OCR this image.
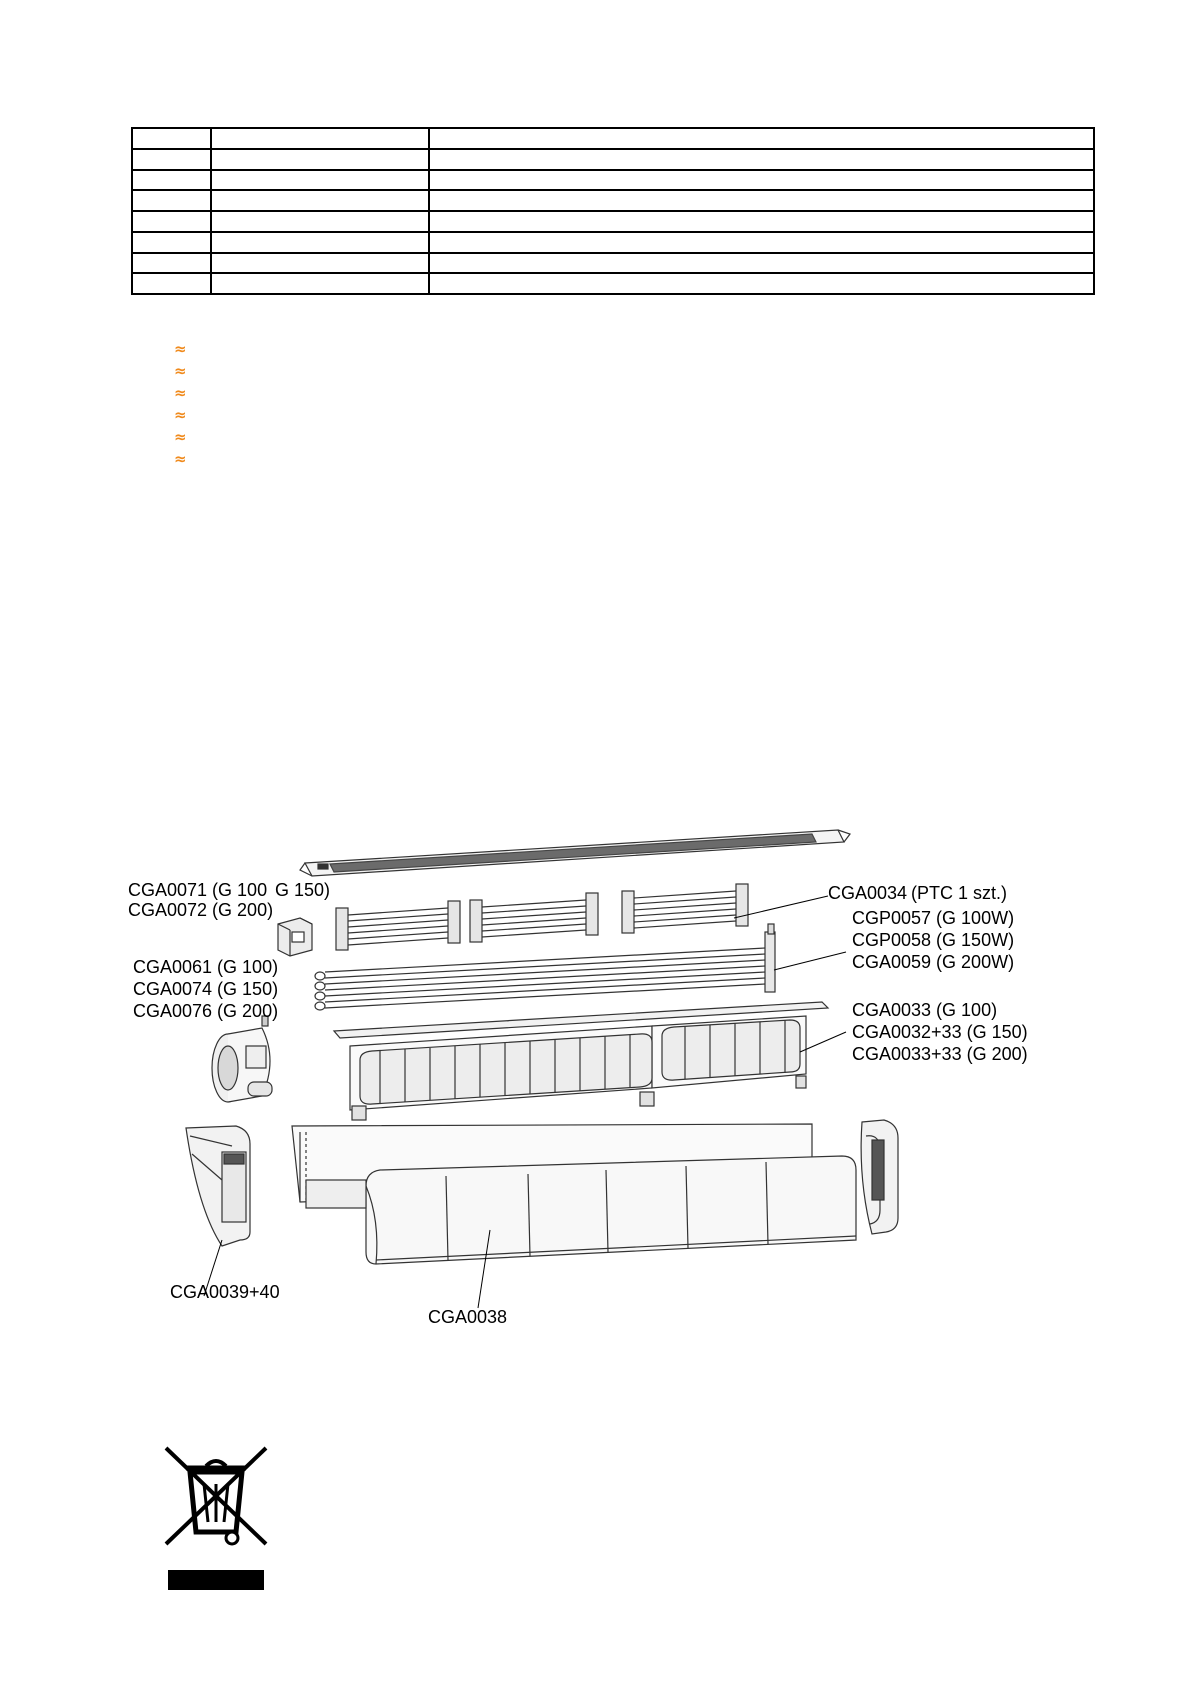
≈
≈
≈
≈
≈
≈
CGA0071 (G 100 G 150)
CGA0072 (G 200)
CGA0034 (PTC 1 szt.)
CGP0057 (G 100W)
CGP0058 (G 150W)
CGA0059 (G 200W)
CGA0061 (G 100)
CGA0074 (G 150)
CGA0076 (G 200)	CGA0033 (G 100)
CGA0032+33 (G 150)
CGA0033+33 (G 200)
CGA0039+40
CGA0038
